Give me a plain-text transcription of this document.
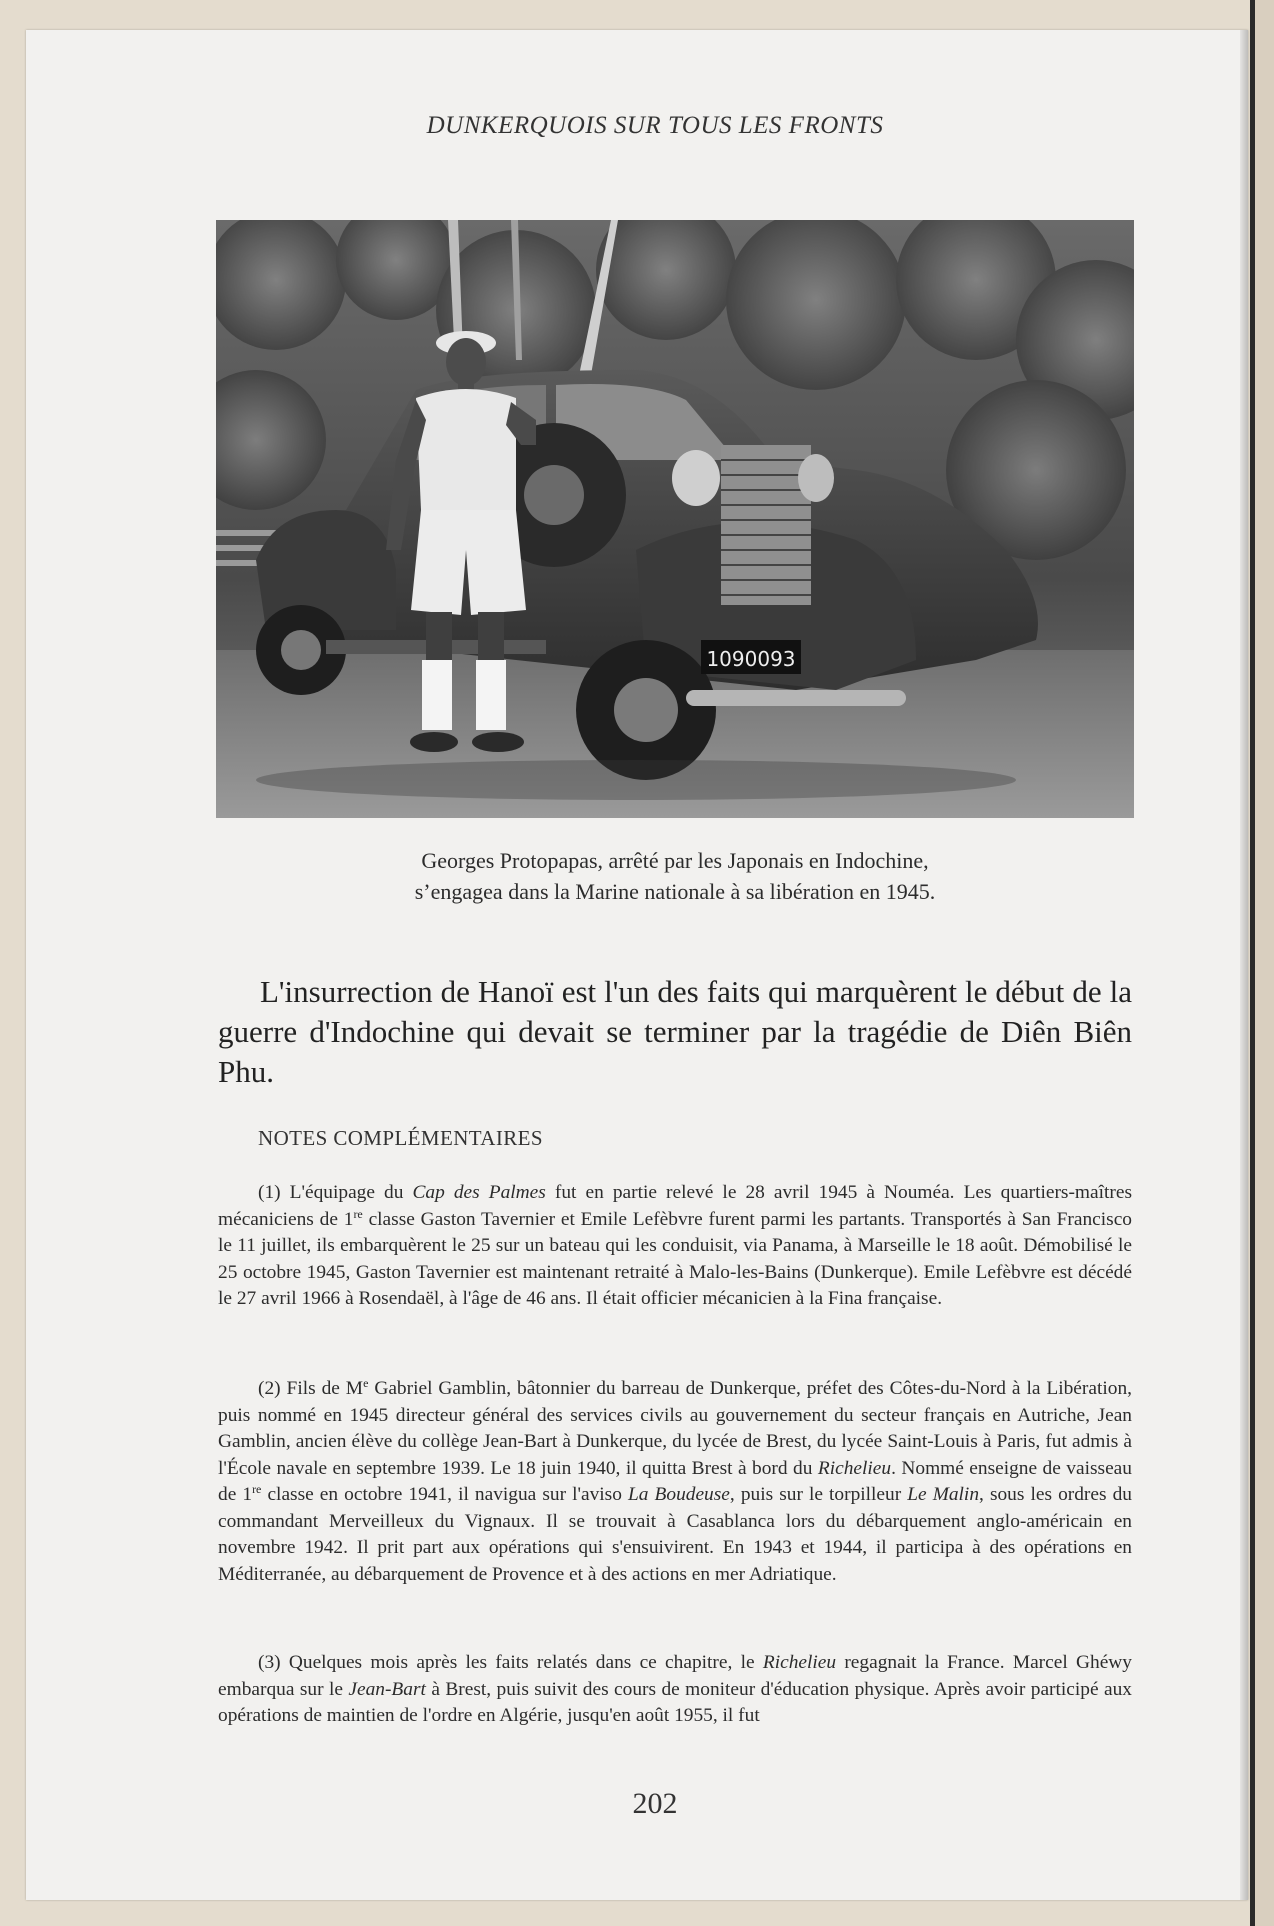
DUNKERQUOIS SUR TOUS LES FRONTS
1090093
Georges Protopapas, arrêté par les Japonais en Indochine,
s’engagea dans la Marine nationale à sa libération en 1945.
L'insurrection de Hanoï est l'un des faits qui marquèrent le début de la guerre d'Indochine qui devait se terminer par la tragédie de Diên Biên Phu.
NOTES COMPLÉMENTAIRES
(1) L'équipage du Cap des Palmes fut en partie relevé le 28 avril 1945 à Nouméa. Les quartiers-maîtres mécaniciens de 1re classe Gaston Tavernier et Emile Lefèbvre furent parmi les partants. Transportés à San Francisco le 11 juillet, ils embarquèrent le 25 sur un bateau qui les conduisit, via Panama, à Marseille le 18 août. Démobilisé le 25 octobre 1945, Gaston Tavernier est maintenant retraité à Malo-les-Bains (Dunkerque). Emile Lefèbvre est décédé le 27 avril 1966 à Rosendaël, à l'âge de 46 ans. Il était officier mécanicien à la Fina française.
(2) Fils de Me Gabriel Gamblin, bâtonnier du barreau de Dunkerque, préfet des Côtes-du-Nord à la Libération, puis nommé en 1945 directeur général des services civils au gouvernement du secteur français en Autriche, Jean Gamblin, ancien élève du collège Jean-Bart à Dunkerque, du lycée de Brest, du lycée Saint-Louis à Paris, fut admis à l'École navale en septembre 1939. Le 18 juin 1940, il quitta Brest à bord du Richelieu. Nommé enseigne de vaisseau de 1re classe en octobre 1941, il navigua sur l'aviso La Boudeuse, puis sur le torpilleur Le Malin, sous les ordres du commandant Merveilleux du Vignaux. Il se trouvait à Casablanca lors du débarquement anglo-américain en novembre 1942. Il prit part aux opérations qui s'ensuivirent. En 1943 et 1944, il participa à des opérations en Méditerranée, au débarquement de Provence et à des actions en mer Adriatique.
(3) Quelques mois après les faits relatés dans ce chapitre, le Richelieu regagnait la France. Marcel Ghéwy embarqua sur le Jean-Bart à Brest, puis suivit des cours de moniteur d'éducation physique. Après avoir participé aux opérations de maintien de l'ordre en Algérie, jusqu'en août 1955, il fut
202
